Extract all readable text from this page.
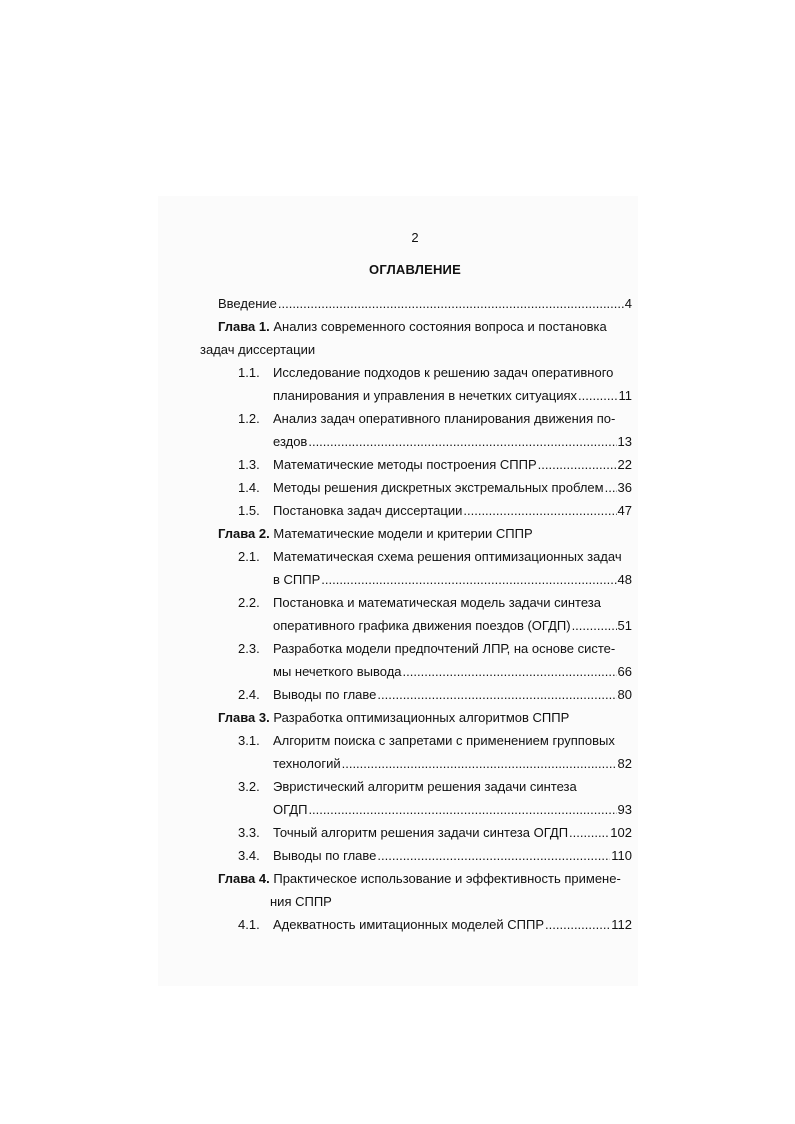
2
ОГЛАВЛЕНИЕ
Введение .....	4
Глава 1. Анализ современного состояния вопроса и постановка
задач диссертации
1.1.	Исследование подходов к решению задач оперативного
планирования и управления в нечетких ситуациях .....	11
1.2.	Анализ задач оперативного планирования движения по-
ездов .....	13
1.3.	Математические методы построения СППР .....	22
1.4.	Методы решения дискретных экстремальных проблем ..... 36
1.5.	Постановка задач диссертации .....	47
Глава 2. Математические модели и критерии СППР
2.1.	Математическая схема решения оптимизационных задач
в СППР .....	48
2.2.	Постановка и математическая модель задачи синтеза
оперативного графика движения поездов (ОГДП) .....	51
2.3.	Разработка модели предпочтений ЛПР, на основе систе-
мы нечеткого вывода .....	66
2.4.	Выводы по главе .....	80
Глава 3. Разработка оптимизационных алгоритмов СППР
3.1.	Алгоритм поиска с запретами с применением групповых
технологий .....	82
3.2.	Эвристический алгоритм решения задачи синтеза
ОГДП .....	93
3.3.	Точный алгоритм решения задачи синтеза ОГДП .....	102
3.4.	Выводы по главе .....	110
Глава 4. Практическое использование и эффективность примене-
ния СППР
4.1.	Адекватность имитационных моделей СППР .....	112
